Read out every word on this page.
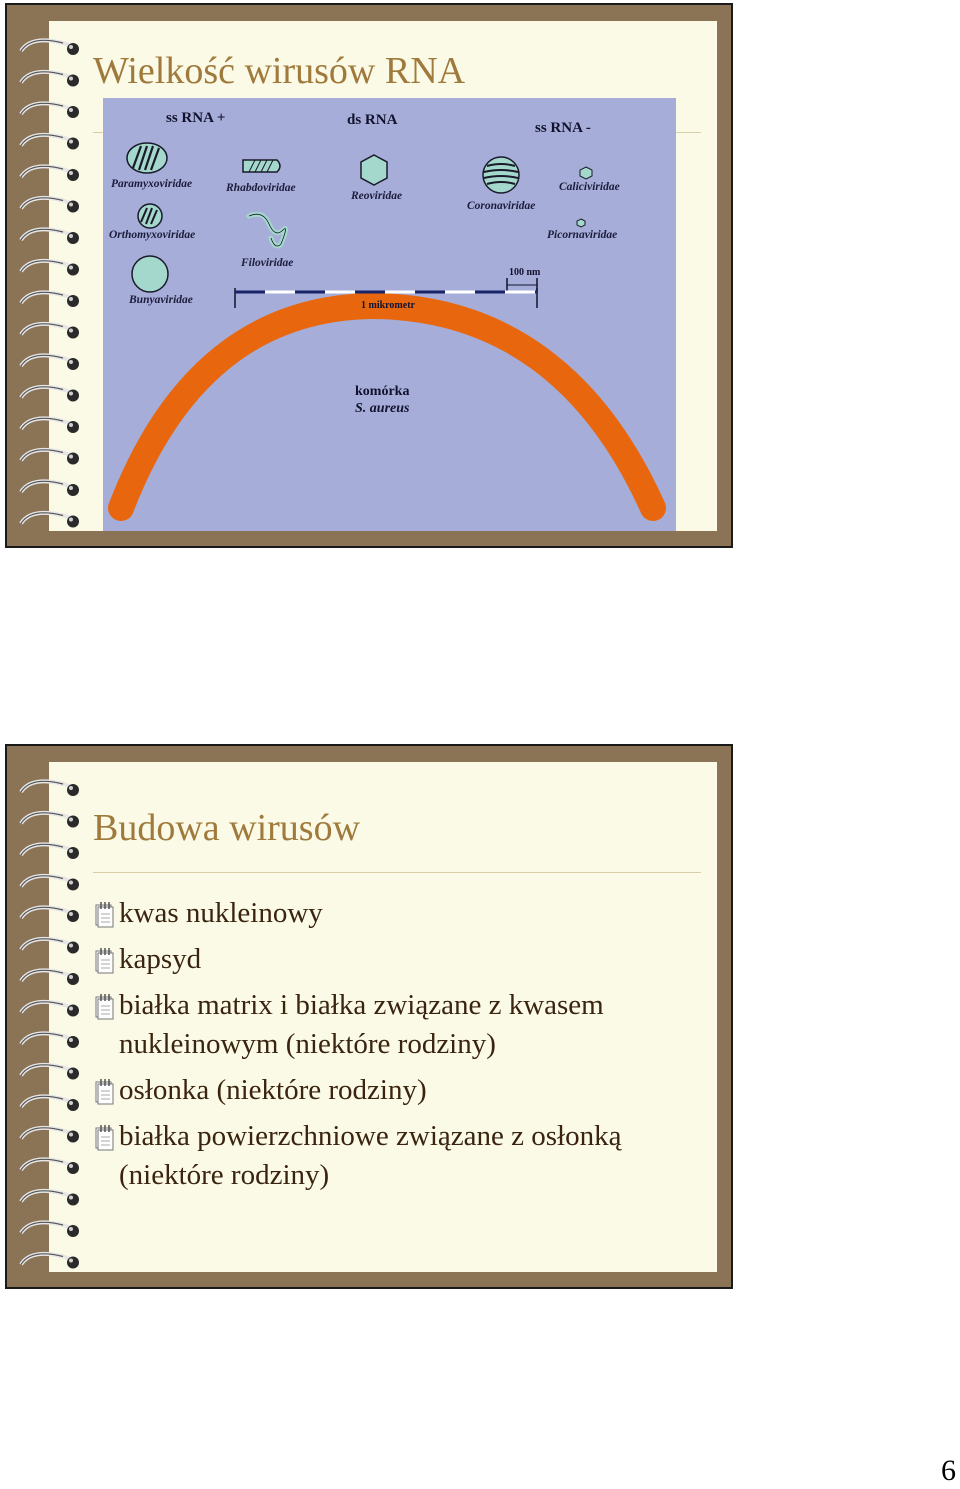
Wielkość wirusów RNA
ss RNA +	ds RNA	ss RNA -
Paramyxoviridae	Rhabdoviridae
Reoviridae
Coronaviridae
Caliciviridae
Orthomyxoviridae	Picornaviridae
Filoviridae
Bunyaviridae
100 nm
1 mikrometr
komórka
S. aureus
Budowa wirusów
kwas nukleinowy
kapsyd
białka matrix i białka związane z kwasem nukleinowym (niektóre rodziny)
osłonka (niektóre rodziny)
białka powierzchniowe związane z osłonką (niektóre rodziny)
6
